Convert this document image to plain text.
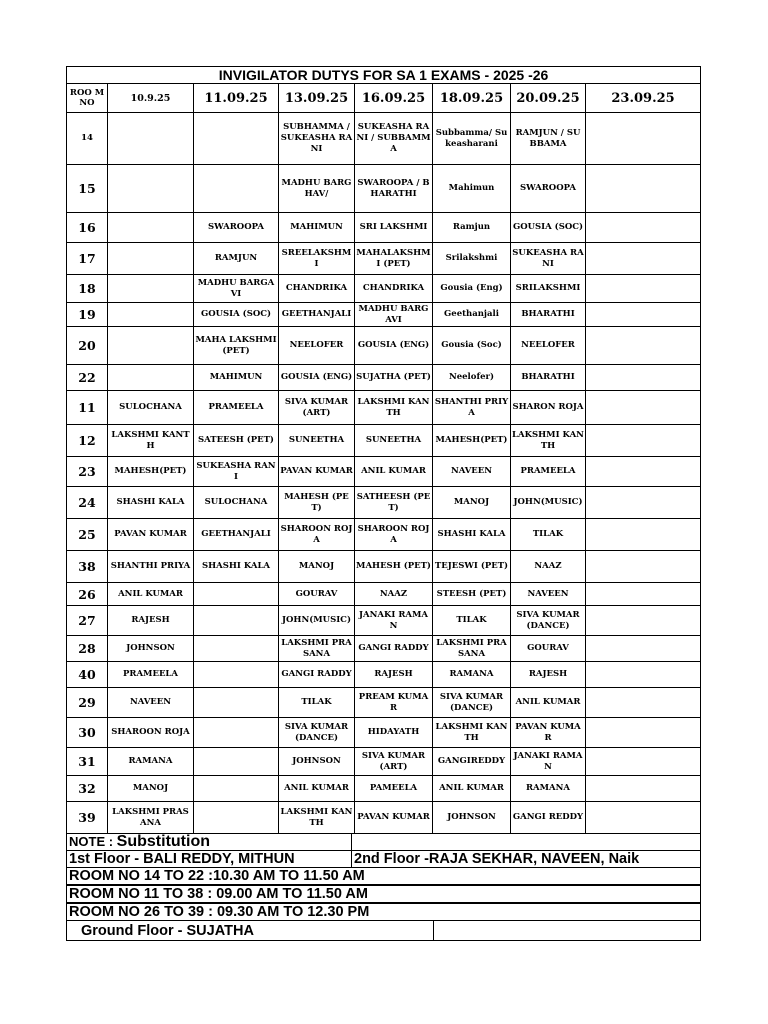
INVIGILATOR DUTYS FOR SA 1 EXAMS - 2025 -26							
ROO M NO	10.9.25	11.09.25	13.09.25	16.09.25	18.09.25	20.09.25	23.09.25
14			SUBHAMMA / SUKEASHA RANI	SUKEASHA RANI / SUBBAMMA	Subbamma/ Sukeasharani	RAMJUN / SUBBAMA	
15			MADHU BARGHAV/	SWAROOPA / BHARATHI	Mahimun	SWAROOPA	
16		SWAROOPA	MAHIMUN	SRI LAKSHMI	Ramjun	GOUSIA (SOC)	
17		RAMJUN	SREELAKSHMI	MAHALAKSHMI (PET)	Srilakshmi	SUKEASHA RANI	
18		MADHU BARGAVI	CHANDRIKA	CHANDRIKA	Gousia (Eng)	SRILAKSHMI	
19		GOUSIA (SOC)	GEETHANJALI	MADHU BARGAVI	Geethanjali	BHARATHI	
20		MAHA LAKSHMI (PET)	NEELOFER	GOUSIA (ENG)	Gousia (Soc)	NEELOFER	
22		MAHIMUN	GOUSIA (ENG)	SUJATHA (PET)	Neelofer)	BHARATHI	
11	SULOCHANA	PRAMEELA	SIVA KUMAR (ART)	LAKSHMI KANTH	SHANTHI PRIYA	SHARON ROJA	
12	LAKSHMI KANTH	SATEESH (PET)	SUNEETHA	SUNEETHA	MAHESH(PET)	LAKSHMI KANTH	
23	MAHESH(PET)	SUKEASHA RANI	PAVAN KUMAR	ANIL KUMAR	NAVEEN	PRAMEELA	
24	SHASHI KALA	SULOCHANA	MAHESH (PET)	SATHEESH (PET)	MANOJ	JOHN(MUSIC)	
25	PAVAN KUMAR	GEETHANJALI	SHAROON ROJA	SHAROON ROJA	SHASHI KALA	TILAK	
38	SHANTHI PRIYA	SHASHI KALA	MANOJ	MAHESH (PET)	TEJESWI (PET)	NAAZ	
26	ANIL KUMAR		GOURAV	NAAZ	STEESH (PET)	NAVEEN	
27	RAJESH		JOHN(MUSIC)	JANAKI RAMAN	TILAK	SIVA KUMAR (DANCE)	
28	JOHNSON		LAKSHMI PRASANA	GANGI RADDY	LAKSHMI PRASANA	GOURAV	
40	PRAMEELA		GANGI RADDY	RAJESH	RAMANA	RAJESH	
29	NAVEEN		TILAK	PREAM KUMAR	SIVA KUMAR (DANCE)	ANIL KUMAR	
30	SHAROON ROJA		SIVA KUMAR (DANCE)	HIDAYATH	LAKSHMI KANTH	PAVAN KUMAR	
31	RAMANA		JOHNSON	SIVA KUMAR (ART)	GANGIREDDY	JANAKI RAMAN	
32	MANOJ		ANIL KUMAR	PAMEELA	ANIL KUMAR	RAMANA	
39	LAKSHMI PRASANA		LAKSHMI KANTH	PAVAN KUMAR	JOHNSON	GANGI REDDY	
NOTE : Substitution		
1st Floor - BALI REDDY, MITHUN	2nd Floor -RAJA SEKHAR, NAVEEN, Naik	
ROOM NO 14 TO 22 :10.30 AM TO 11.50 AM		
ROOM NO 11 TO 38 : 09.00 AM TO 11.50 AM		
ROOM NO 26 TO 39 : 09.30 AM TO 12.30 PM		
Ground Floor - SUJATHA		
